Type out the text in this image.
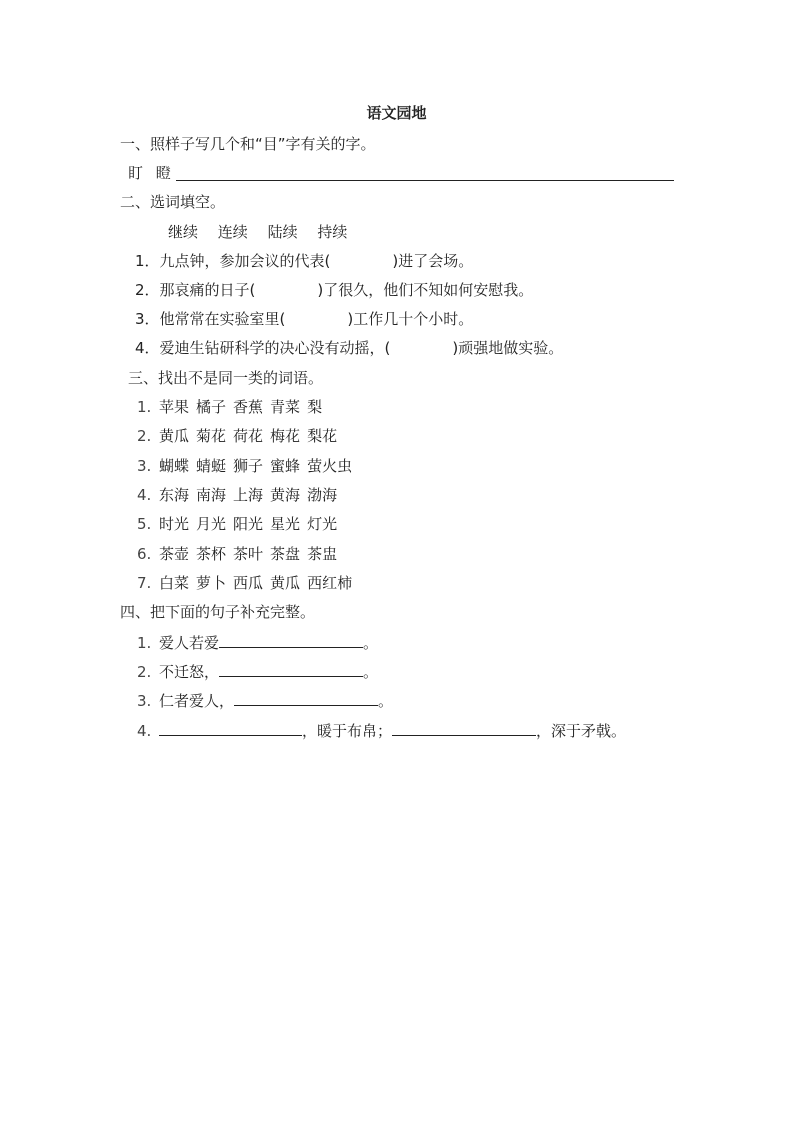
语文园地
一、照样子写几个和“目”字有关的字。
盯 瞪
二、选词填空。
继续 连续 陆续 持续
1．九点钟，参加会议的代表(	)进了会场。
2．那哀痛的日子(	)了很久，他们不知如何安慰我。
3．他常常在实验室里(	)工作几十个小时。
4．爱迪生钻研科学的决心没有动摇，(	)顽强地做实验。
三、找出不是同一类的词语。
1. 苹果 橘子 香蕉 青菜 梨
2. 黄瓜 菊花 荷花 梅花 梨花
3. 蝴蝶 蜻蜓 狮子 蜜蜂 萤火虫
4. 东海 南海 上海 黄海 渤海
5. 时光 月光 阳光 星光 灯光
6. 茶壶 茶杯 茶叶 茶盘 茶盅
7. 白菜 萝卜 西瓜 黄瓜 西红柿
四、把下面的句子补充完整。
1. 爱人若爱	。
2. 不迁怒，	。
3. 仁者爱人，	。
4.	，暖于布帛；	，深于矛戟。
